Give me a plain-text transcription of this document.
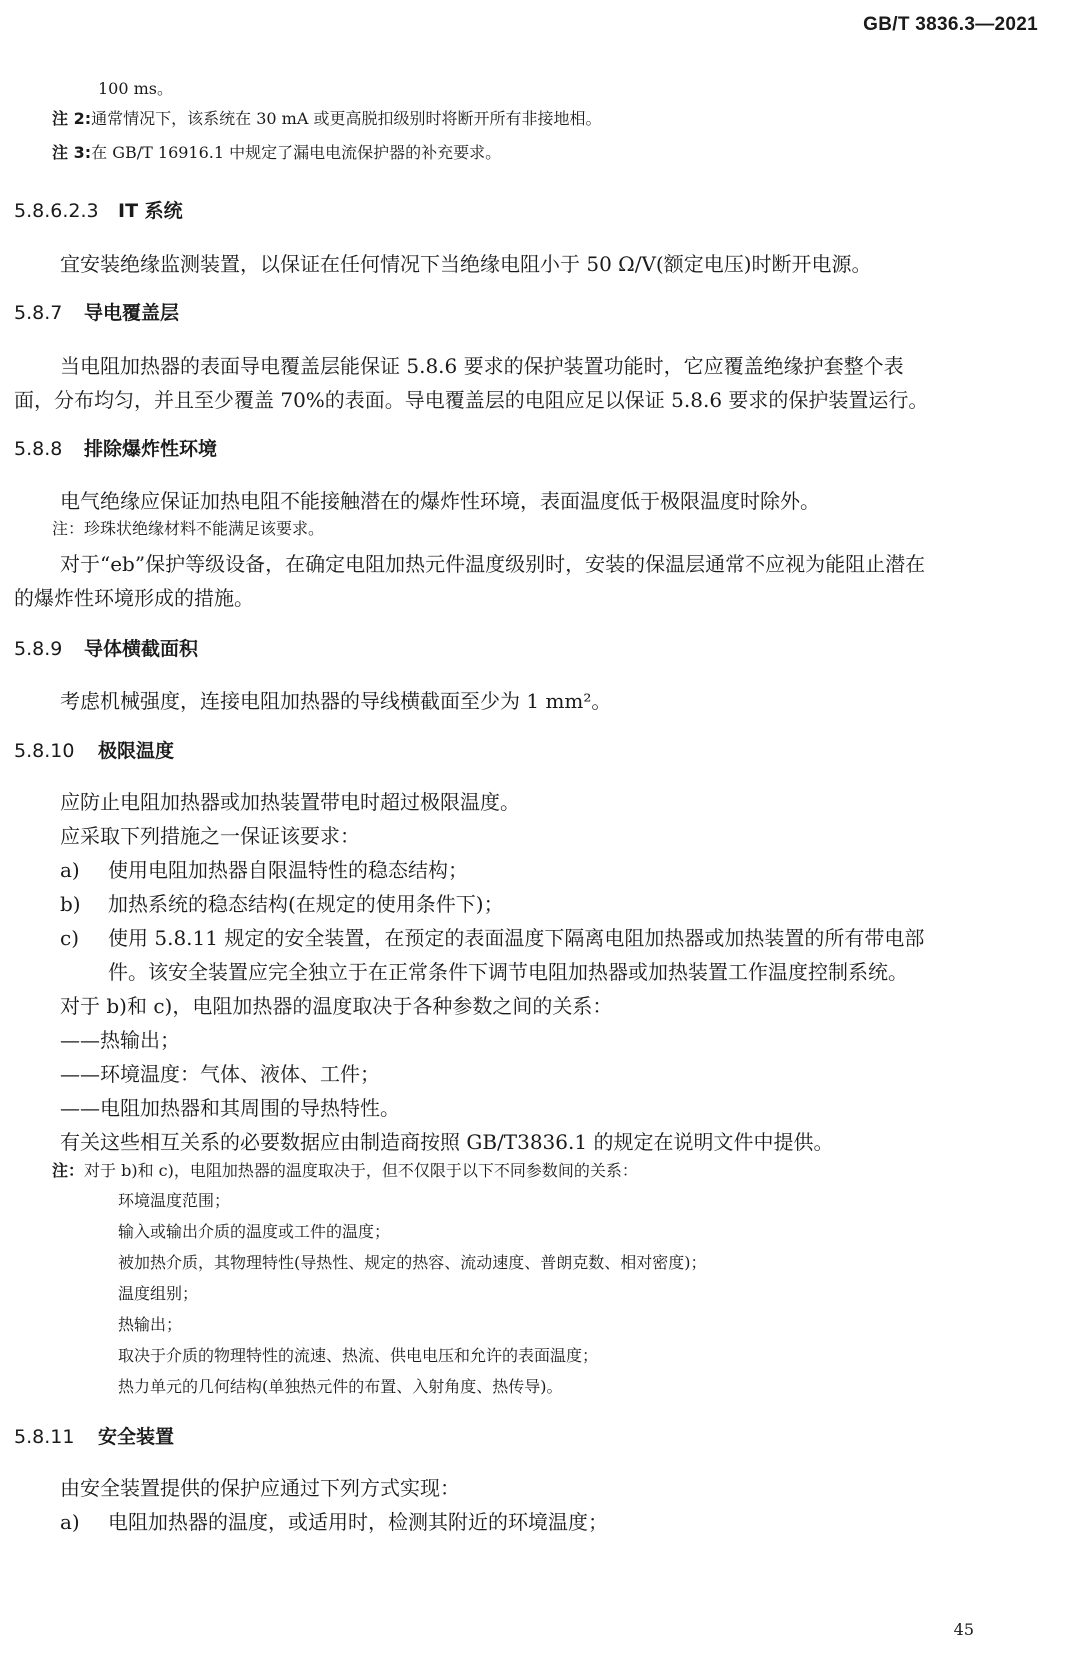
GB/T 3836.3—2021
100 ms。
注 2:通常情况下，该系统在 30 mA 或更高脱扣级别时将断开所有非接地相。
注 3:在 GB/T 16916.1 中规定了漏电电流保护器的补充要求。
5.8.6.2.3 IT 系统
宜安装绝缘监测装置，以保证在任何情况下当绝缘电阻小于 50 Ω/V(额定电压)时断开电源。
5.8.7 导电覆盖层
当电阻加热器的表面导电覆盖层能保证 5.8.6 要求的保护装置功能时，它应覆盖绝缘护套整个表
面，分布均匀，并且至少覆盖 70%的表面。导电覆盖层的电阻应足以保证 5.8.6 要求的保护装置运行。
5.8.8 排除爆炸性环境
电气绝缘应保证加热电阻不能接触潜在的爆炸性环境，表面温度低于极限温度时除外。
注：珍珠状绝缘材料不能满足该要求。
对于“eb”保护等级设备，在确定电阻加热元件温度级别时，安装的保温层通常不应视为能阻止潜在
的爆炸性环境形成的措施。
5.8.9 导体横截面积
考虑机械强度，连接电阻加热器的导线横截面至少为 1 mm²。
5.8.10 极限温度
应防止电阻加热器或加热装置带电时超过极限温度。
应采取下列措施之一保证该要求：
a) 使用电阻加热器自限温特性的稳态结构；
b) 加热系统的稳态结构(在规定的使用条件下)；
c) 使用 5.8.11 规定的安全装置，在预定的表面温度下隔离电阻加热器或加热装置的所有带电部
件。该安全装置应完全独立于在正常条件下调节电阻加热器或加热装置工作温度控制系统。
对于 b)和 c)，电阻加热器的温度取决于各种参数之间的关系：
——热输出；
——环境温度：气体、液体、工件；
——电阻加热器和其周围的导热特性。
有关这些相互关系的必要数据应由制造商按照 GB/T3836.1 的规定在说明文件中提供。
注：对于 b)和 c)，电阻加热器的温度取决于，但不仅限于以下不同参数间的关系：
环境温度范围；
输入或输出介质的温度或工件的温度；
被加热介质，其物理特性(导热性、规定的热容、流动速度、普朗克数、相对密度)；
温度组别；
热输出；
取决于介质的物理特性的流速、热流、供电电压和允许的表面温度；
热力单元的几何结构(单独热元件的布置、入射角度、热传导)。
5.8.11 安全装置
由安全装置提供的保护应通过下列方式实现：
a) 电阻加热器的温度，或适用时，检测其附近的环境温度；
45
